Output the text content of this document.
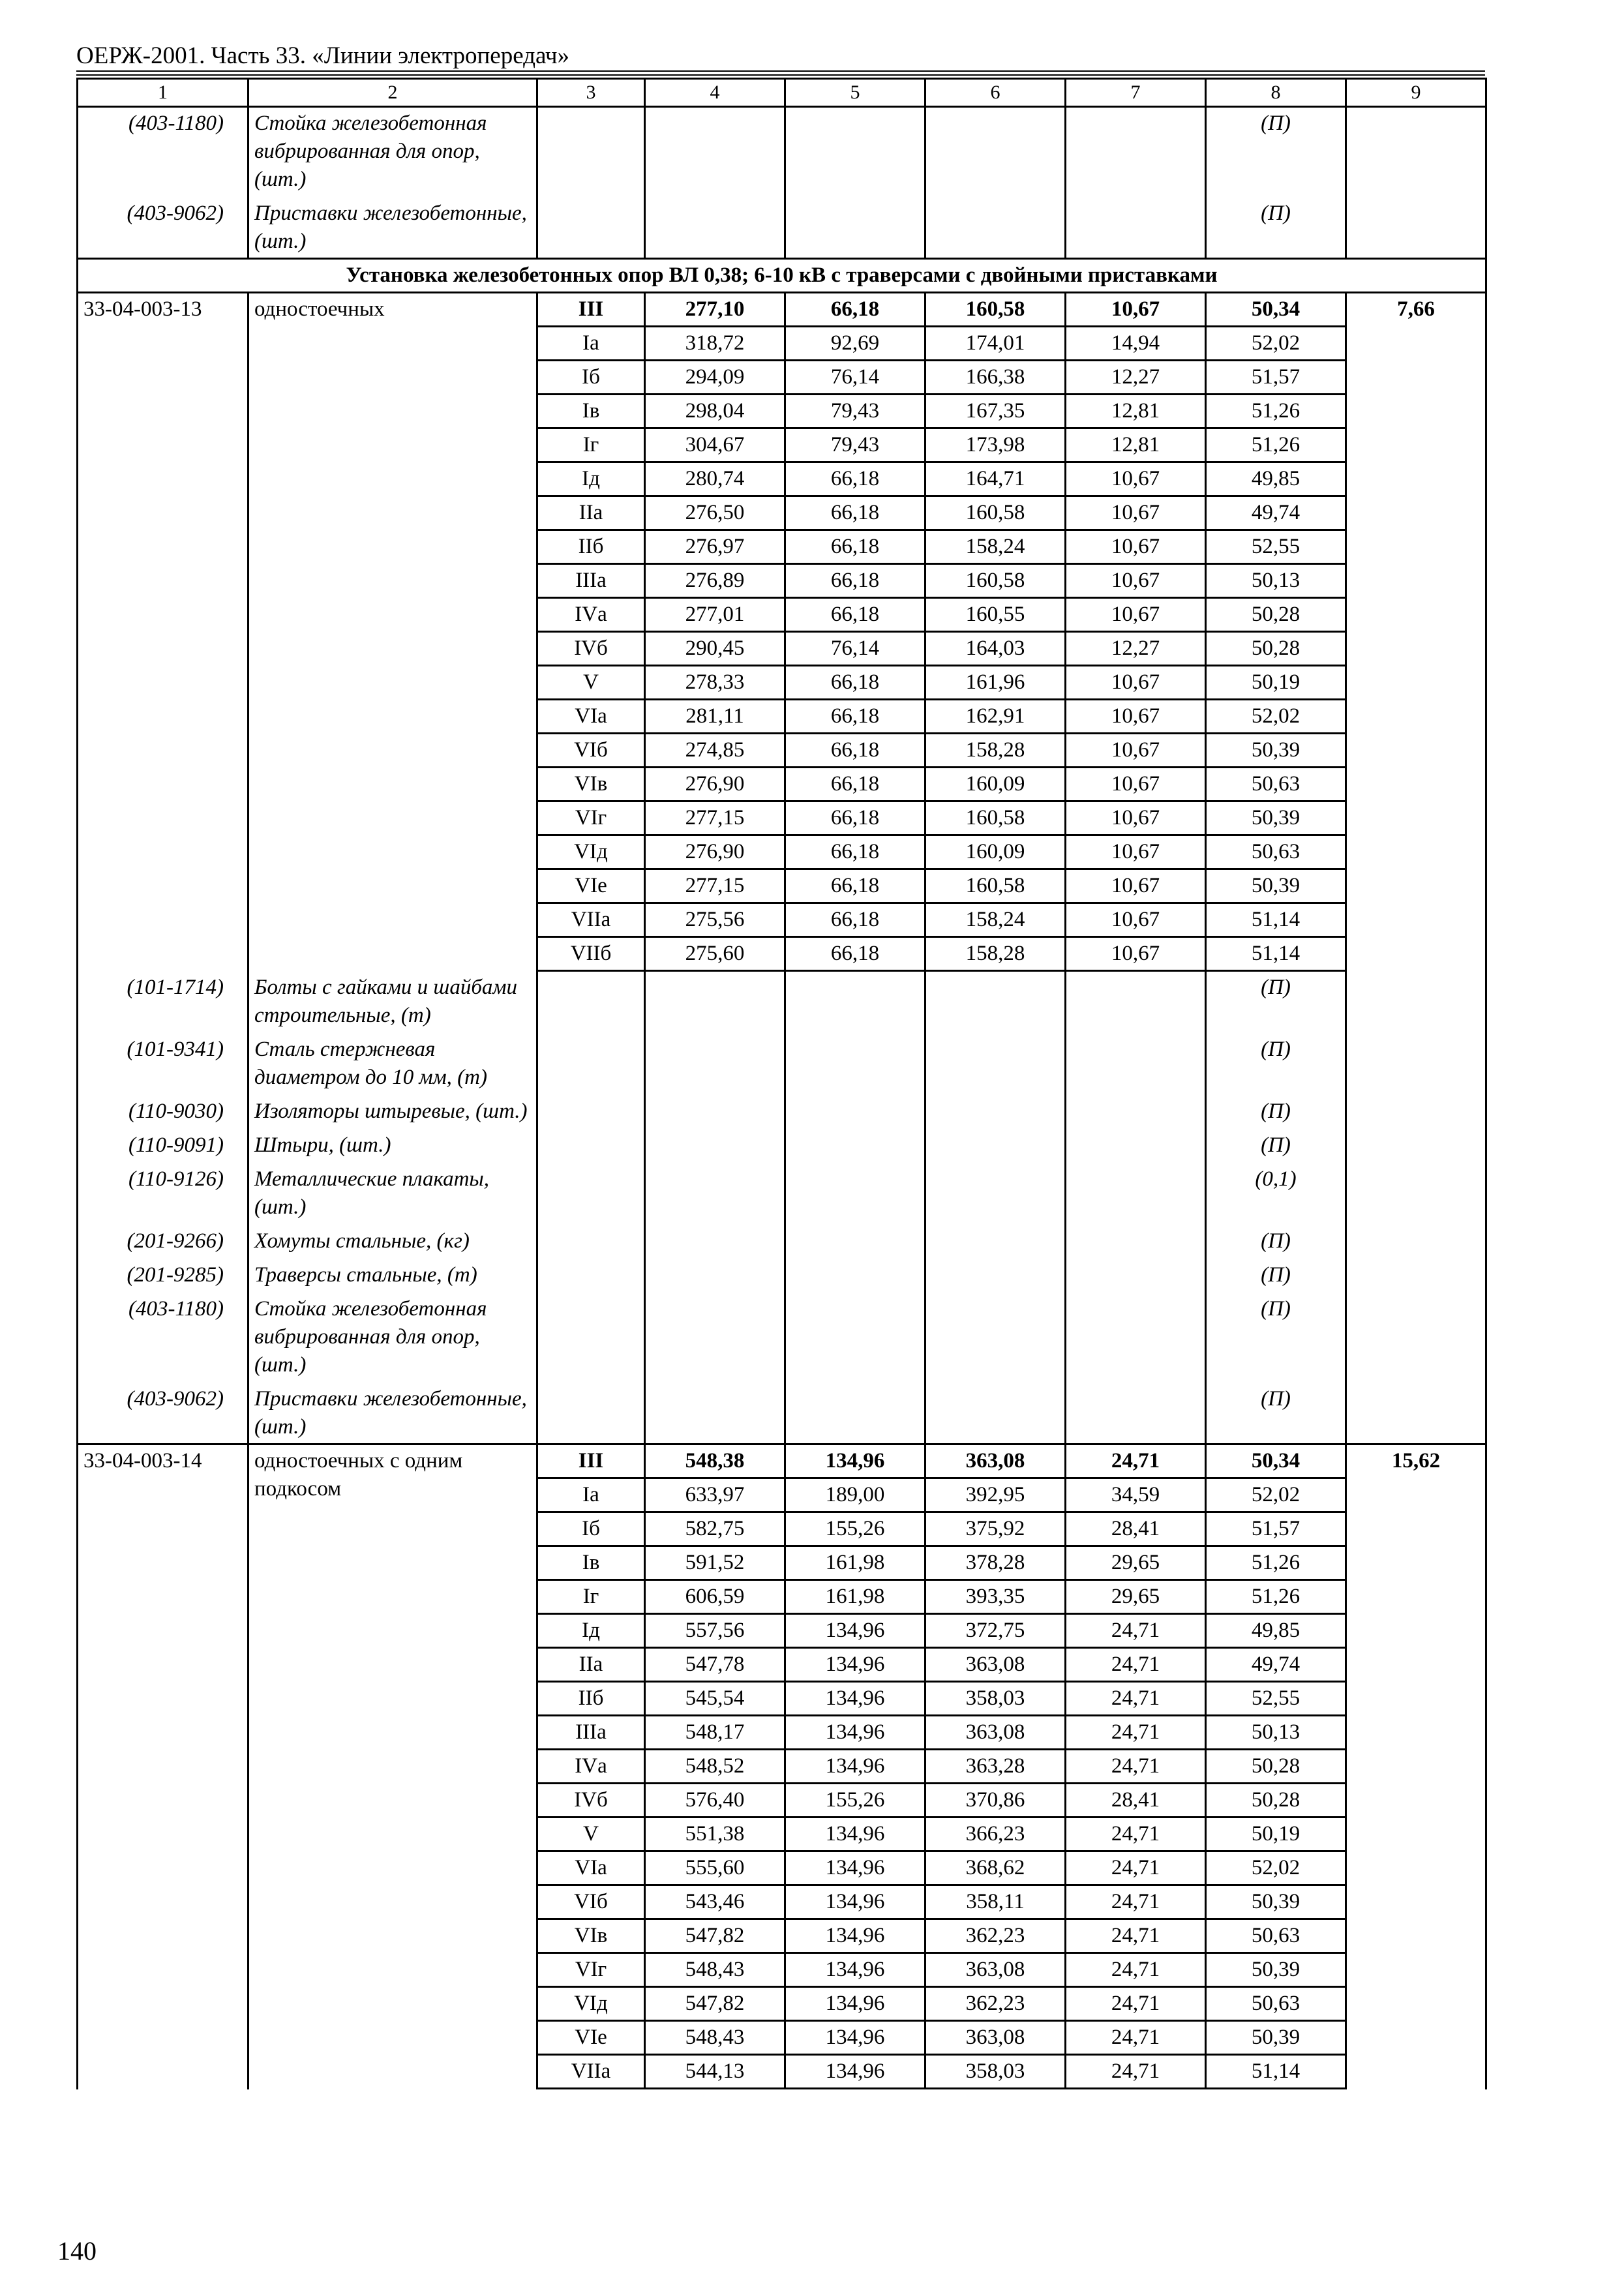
ОЕРЖ-2001. Часть 33. «Линии электропередач»
1	2	3	4	5	6	7	8	9
(403-1180)	Стойка железобетонная вибрированная для опор, (шт.)						(П)	
(403-9062)	Приставки железобетонные, (шт.)						(П)	
Установка железобетонных опор ВЛ 0,38; 6-10 кВ с траверсами с двойными приставками								
33-04-003-13	одностоечных	III	277,10	66,18	160,58	10,67	50,34	7,66
		Iа	318,72	92,69	174,01	14,94	52,02	
		Iб	294,09	76,14	166,38	12,27	51,57	
		Iв	298,04	79,43	167,35	12,81	51,26	
		Iг	304,67	79,43	173,98	12,81	51,26	
		Iд	280,74	66,18	164,71	10,67	49,85	
		IIа	276,50	66,18	160,58	10,67	49,74	
		IIб	276,97	66,18	158,24	10,67	52,55	
		IIIа	276,89	66,18	160,58	10,67	50,13	
		IVа	277,01	66,18	160,55	10,67	50,28	
		IVб	290,45	76,14	164,03	12,27	50,28	
		V	278,33	66,18	161,96	10,67	50,19	
		VIа	281,11	66,18	162,91	10,67	52,02	
		VIб	274,85	66,18	158,28	10,67	50,39	
		VIв	276,90	66,18	160,09	10,67	50,63	
		VIг	277,15	66,18	160,58	10,67	50,39	
		VIд	276,90	66,18	160,09	10,67	50,63	
		VIе	277,15	66,18	160,58	10,67	50,39	
		VIIа	275,56	66,18	158,24	10,67	51,14	
		VIIб	275,60	66,18	158,28	10,67	51,14	
(101-1714)	Болты с гайками и шайбами строительные, (т)						(П)	
(101-9341)	Сталь стержневая диаметром до 10 мм, (т)						(П)	
(110-9030)	Изоляторы штыревые, (шт.)						(П)	
(110-9091)	Штыри, (шт.)						(П)	
(110-9126)	Металлические плакаты, (шт.)						(0,1)	
(201-9266)	Хомуты стальные, (кг)						(П)	
(201-9285)	Траверсы стальные, (т)						(П)	
(403-1180)	Стойка железобетонная вибрированная для опор, (шт.)						(П)	
(403-9062)	Приставки железобетонные, (шт.)						(П)	
33-04-003-14	одностоечных с одним подкосом	III	548,38	134,96	363,08	24,71	50,34	15,62
		Iа	633,97	189,00	392,95	34,59	52,02	
		Iб	582,75	155,26	375,92	28,41	51,57	
		Iв	591,52	161,98	378,28	29,65	51,26	
		Iг	606,59	161,98	393,35	29,65	51,26	
		Iд	557,56	134,96	372,75	24,71	49,85	
		IIа	547,78	134,96	363,08	24,71	49,74	
		IIб	545,54	134,96	358,03	24,71	52,55	
		IIIа	548,17	134,96	363,08	24,71	50,13	
		IVа	548,52	134,96	363,28	24,71	50,28	
		IVб	576,40	155,26	370,86	28,41	50,28	
		V	551,38	134,96	366,23	24,71	50,19	
		VIа	555,60	134,96	368,62	24,71	52,02	
		VIб	543,46	134,96	358,11	24,71	50,39	
		VIв	547,82	134,96	362,23	24,71	50,63	
		VIг	548,43	134,96	363,08	24,71	50,39	
		VIд	547,82	134,96	362,23	24,71	50,63	
		VIе	548,43	134,96	363,08	24,71	50,39	
		VIIа	544,13	134,96	358,03	24,71	51,14	
140
